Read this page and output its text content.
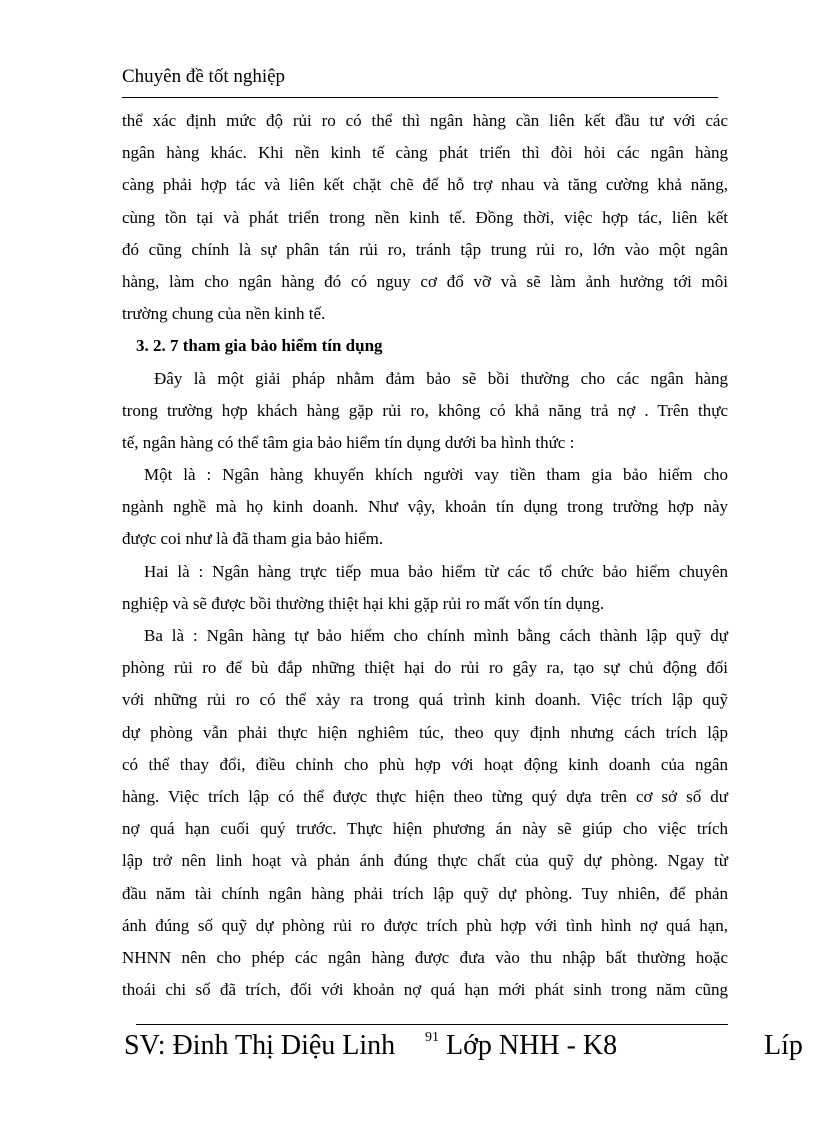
Chuyên đề tốt nghiệp
thể xác định mức độ rủi ro có thể thì ngân hàng cần liên kết đầu tư với các
ngân hàng khác. Khi nền kinh tế càng phát triển thì đòi hỏi các ngân hàng
càng phải hợp tác và liên kết chặt chẽ để hỗ trợ nhau và tăng cường khả năng,
cùng tồn tại và phát triển trong nền kinh tế. Đồng thời, việc hợp tác, liên kết
đó cũng chính là sự phân tán rủi ro, tránh tập trung rủi ro, lớn vào một ngân
hàng, làm cho ngân hàng đó có nguy cơ đổ vỡ và sẽ làm ảnh hưởng tới môi
trường chung của nền kinh tế.
3. 2. 7 tham gia bảo hiểm tín dụng
Đây là một giải pháp nhằm đảm bảo sẽ bồi thường cho các ngân hàng
trong trường hợp khách hàng gặp rủi ro, không có khả năng trả nợ . Trên thực
tế, ngân hàng có thể tâm gia bảo hiểm tín dụng dưới ba hình thức :
Một là : Ngân hàng khuyến khích người vay tiền tham gia bảo hiểm cho
ngành nghề mà họ kinh doanh. Như vậy, khoản tín dụng trong trường hợp này
được coi như là đã tham gia bảo hiểm.
Hai là : Ngân hàng trực tiếp mua bảo hiểm từ các tổ chức bảo hiểm chuyên
nghiệp và sẽ được bồi thường thiệt hại khi gặp rủi ro mất vốn tín dụng.
Ba là : Ngân hàng tự bảo hiểm cho chính mình bằng cách thành lập quỹ dự
phòng rủi ro để bù đắp những thiệt hại do rủi ro gây ra, tạo sự chủ động đối
với những rủi ro có thể xảy ra trong quá trình kinh doanh. Việc trích lập quỹ
dự phòng vẫn phải thực hiện nghiêm túc, theo quy định nhưng cách trích lập
có thể thay đổi, điều chỉnh cho phù hợp với hoạt động kinh doanh của ngân
hàng. Việc trích lập có thể được thực hiện theo từng quý dựa trên cơ sở số dư
nợ quá hạn cuối quý trước. Thực hiện phương án này sẽ giúp cho việc trích
lập trở nên linh hoạt và phản ánh đúng thực chất của quỹ dự phòng. Ngay từ
đầu năm tài chính ngân hàng phải trích lập quỹ dự phòng. Tuy nhiên, để phản
ánh đúng số quỹ dự phòng rủi ro được trích phù hợp với tình hình nợ quá hạn,
NHNN nên cho phép các ngân hàng được đưa vào thu nhập bất thường hoặc
thoái chi số đã trích, đối với khoản nợ quá hạn mới phát sinh trong năm cũng
SV: Đinh Thị Diệu Linh 91 Lớp NHH - K8	Líp
